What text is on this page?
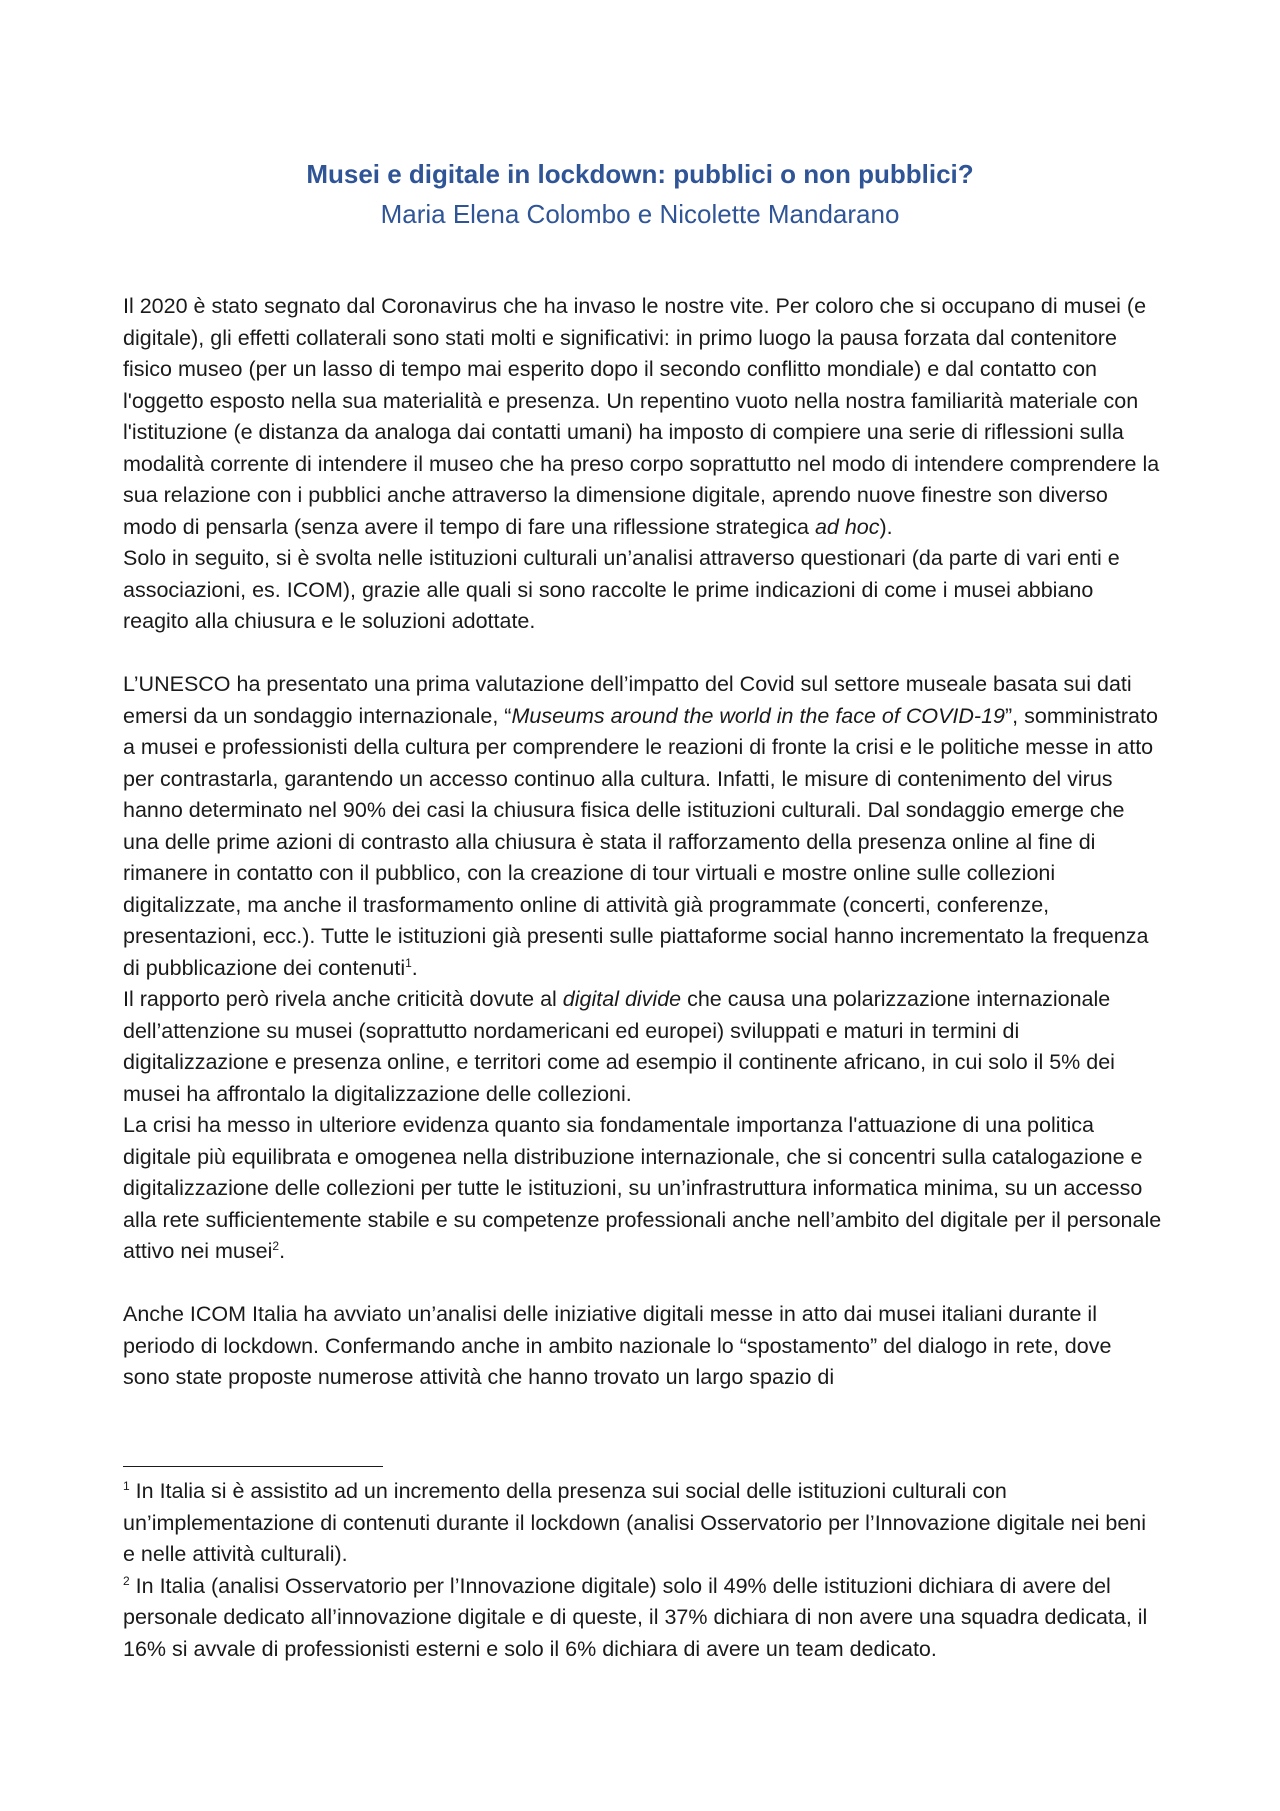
Musei e digitale in lockdown: pubblici o non pubblici?
Maria Elena Colombo e Nicolette Mandarano

Il 2020 è stato segnato dal Coronavirus che ha invaso le nostre vite. Per coloro che si occupano di musei (e digitale), gli effetti collaterali sono stati molti e significativi: in primo luogo la pausa forzata dal contenitore fisico museo (per un lasso di tempo mai esperito dopo il secondo conflitto mondiale) e dal contatto con l'oggetto esposto nella sua materialità e presenza. Un repentino vuoto nella nostra familiarità materiale con l'istituzione (e distanza da analoga dai contatti umani) ha imposto di compiere una serie di riflessioni sulla modalità corrente di intendere il museo che ha preso corpo soprattutto nel modo di intendere comprendere la sua relazione con i pubblici anche attraverso la dimensione digitale, aprendo nuove finestre son diverso modo di pensarla (senza avere il tempo di fare una riflessione strategica ad hoc).

Solo in seguito, si è svolta nelle istituzioni culturali un’analisi attraverso questionari (da parte di vari enti e associazioni, es. ICOM), grazie alle quali si sono raccolte le prime indicazioni di come i musei abbiano reagito alla chiusura e le soluzioni adottate.

L’UNESCO ha presentato una prima valutazione dell’impatto del Covid sul settore museale basata sui dati emersi da un sondaggio internazionale, “Museums around the world in the face of COVID-19”, somministrato a musei e professionisti della cultura per comprendere le reazioni di fronte la crisi e le politiche messe in atto per contrastarla, garantendo un accesso continuo alla cultura. Infatti, le misure di contenimento del virus hanno determinato nel 90% dei casi la chiusura fisica delle istituzioni culturali. Dal sondaggio emerge che una delle prime azioni di contrasto alla chiusura è stata il rafforzamento della presenza online al fine di rimanere in contatto con il pubblico, con la creazione di tour virtuali e mostre online sulle collezioni digitalizzate, ma anche il trasformamento online di attività già programmate (concerti, conferenze, presentazioni, ecc.). Tutte le istituzioni già presenti sulle piattaforme social hanno incrementato la frequenza di pubblicazione dei contenuti$^1$.

Il rapporto però rivela anche criticità dovute al digital divide che causa una polarizzazione internazionale dell’attenzione su musei (soprattutto nordamericani ed europei) sviluppati e maturi in termini di digitalizzazione e presenza online, e territori come ad esempio il continente africano, in cui solo il 5% dei musei ha affrontalo la digitalizzazione delle collezioni.

La crisi ha messo in ulteriore evidenza quanto sia fondamentale importanza l'attuazione di una politica digitale più equilibrata e omogenea nella distribuzione internazionale, che si concentri sulla catalogazione e digitalizzazione delle collezioni per tutte le istituzioni, su un’infrastruttura informatica minima, su un accesso alla rete sufficientemente stabile e su competenze professionali anche nell’ambito del digitale per il personale attivo nei musei$^2$.

Anche ICOM Italia ha avviato un’analisi delle iniziative digitali messe in atto dai musei italiani durante il periodo di lockdown. Confermando anche in ambito nazionale lo “spostamento” del dialogo in rete, dove sono state proposte numerose attività che hanno trovato un largo spazio di

$^1$ In Italia si è assistito ad un incremento della presenza sui social delle istituzioni culturali con un’implementazione di contenuti durante il lockdown (analisi Osservatorio per l’Innovazione digitale nei beni e nelle attività culturali).

$^2$ In Italia (analisi Osservatorio per l’Innovazione digitale) solo il 49% delle istituzioni dichiara di avere del personale dedicato all’innovazione digitale e di queste, il 37% dichiara di non avere una squadra dedicata, il 16% si avvale di professionisti esterni e solo il 6% dichiara di avere un team dedicato.
